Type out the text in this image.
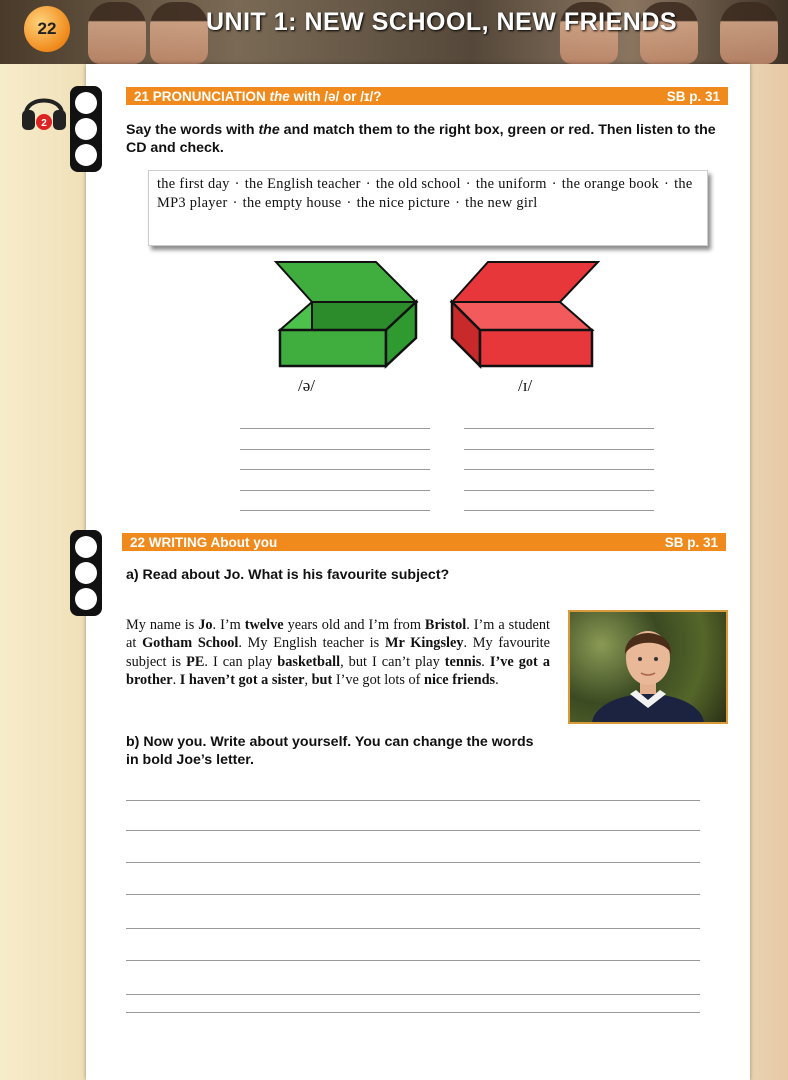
22	UNIT 1: NEW SCHOOL, NEW FRIENDS
2
21 PRONUNCIATION the with /ə/ or /ɪ/?	SB p. 31
Say the words with the and match them to the right box, green or red. Then listen to the CD and check.
the first day · the English teacher · the old school · the uniform · the orange book · the MP3 player · the empty house · the nice picture · the new girl
/ə/	/ɪ/
22 WRITING About you	SB p. 31
a) Read about Jo. What is his favourite subject?
My name is Jo. I’m twelve years old and I’m from Bristol. I’m a student at Gotham School. My English teacher is Mr Kingsley. My favourite subject is PE. I can play basketball, but I can’t play tennis. I’ve got a brother. I haven’t got a sister, but I’ve got lots of nice friends.
b) Now you. Write about yourself. You can change the words in bold Joe’s letter.
